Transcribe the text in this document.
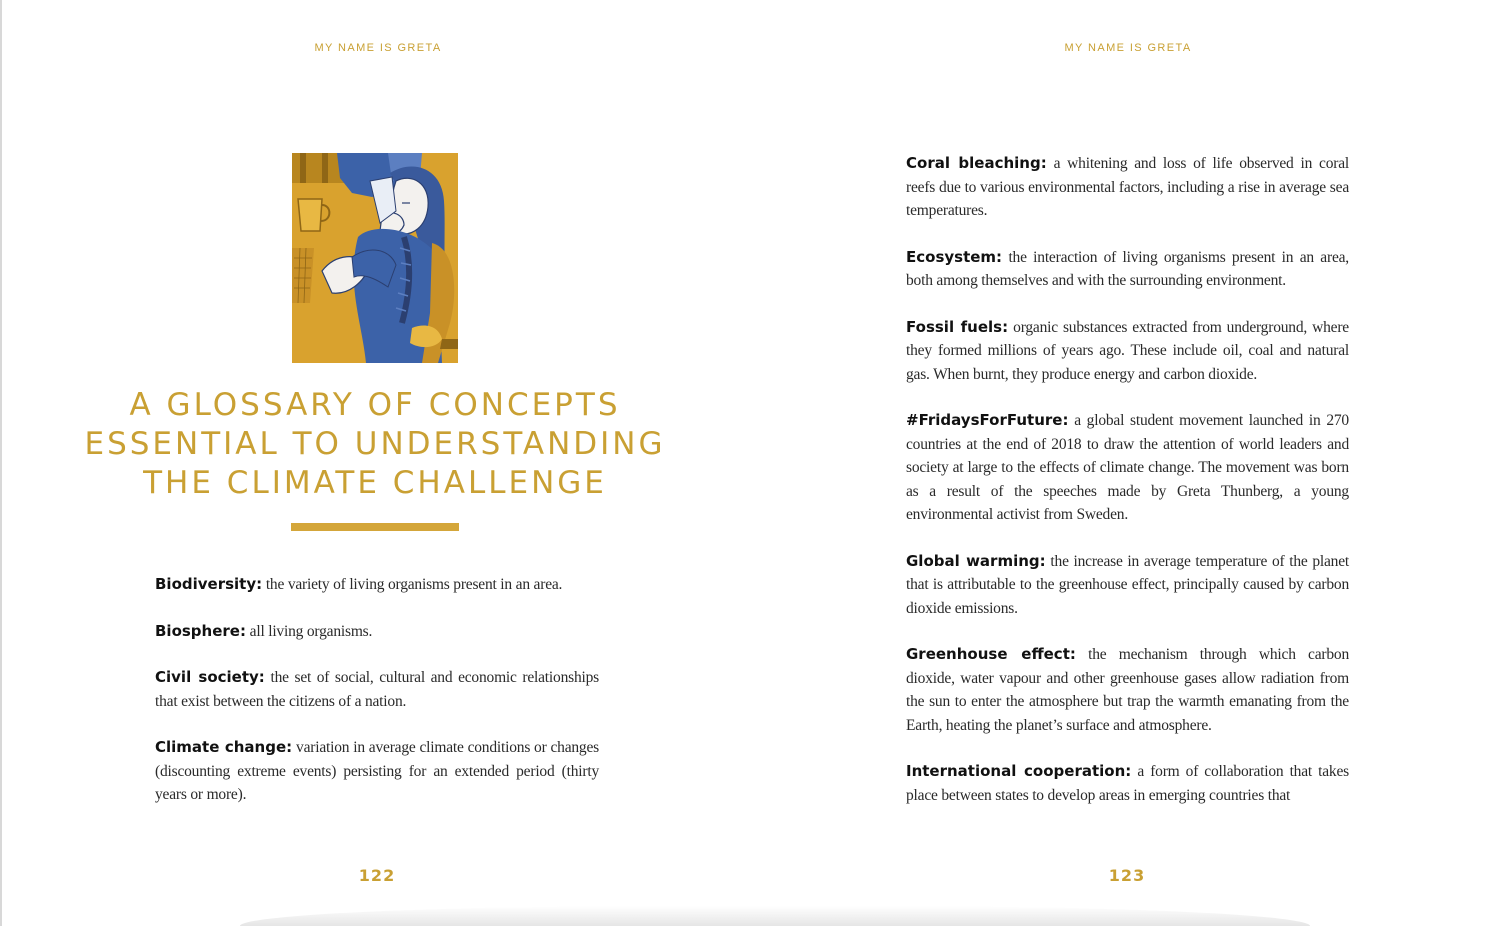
MY NAME IS GRETA
A GLOSSARY OF CONCEPTS
ESSENTIAL TO UNDERSTANDING
THE CLIMATE CHALLENGE

Biodiversity: the variety of living organisms present in an area.

Biosphere: all living organisms.

Civil society: the set of social, cultural and economic relationships that exist between the citizens of a nation.

Climate change: variation in average climate conditions or changes (discounting extreme events) persisting for an extended period (thirty years or more).

122
MY NAME IS GRETA

Coral bleaching: a whitening and loss of life observed in coral reefs due to various environmental factors, including a rise in average sea temperatures.

Ecosystem: the interaction of living organisms present in an area, both among themselves and with the surrounding environment.

Fossil fuels: organic substances extracted from underground, where they formed millions of years ago. These include oil, coal and natural gas. When burnt, they produce energy and carbon dioxide.

#FridaysForFuture: a global student movement launched in 270 countries at the end of 2018 to draw the attention of world leaders and society at large to the effects of climate change. The movement was born as a result of the speeches made by Greta Thunberg, a young environmental activist from Sweden.

Global warming: the increase in average temperature of the planet that is attributable to the greenhouse effect, principally caused by carbon dioxide emissions.

Greenhouse effect: the mechanism through which carbon dioxide, water vapour and other greenhouse gases allow radiation from the sun to enter the atmosphere but trap the warmth emanating from the Earth, heating the planet’s surface and atmosphere.

International cooperation: a form of collaboration that takes place between states to develop areas in emerging countries that

123
